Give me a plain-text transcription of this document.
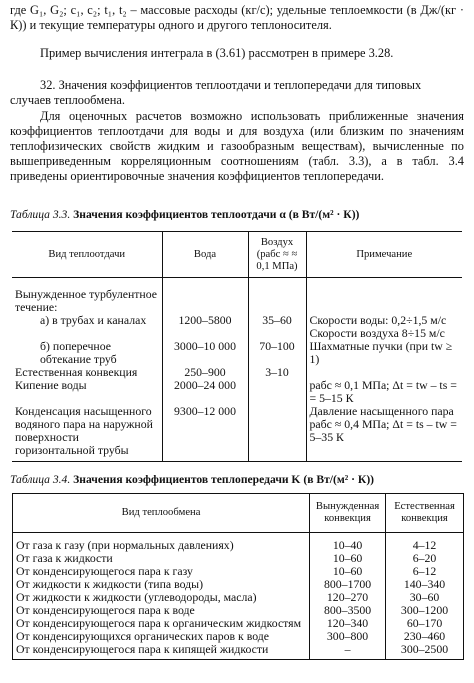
где G₁, G₂; c₁, c₂; t₁, t₂ – массовые расходы (кг/с); удельные теплоемкости (в Дж/(кг · К)) и текущие температуры одного и другого теплоносителя.

Пример вычисления интеграла в (3.61) рассмотрен в примере 3.28.

32. Значения коэффициентов теплоотдачи и теплопередачи для типовых случаев теплообмена.

Для оценочных расчетов возможно использовать приближенные значения коэффициентов теплоотдачи для воды и для воздуха (или близким по значениям теплофизических свойств жидким и газообразным веществам), вычисленные по вышеприведенным корреляционным соотношениям (табл. 3.3), а в табл. 3.4 приведены ориентировочные значения коэффициентов теплопередачи.

Таблица 3.3. Значения коэффициентов теплоотдачи α (в Вт/(м² · К))
Вид теплоотдачи	Вода	Воздух (pабс ≈ ≈ 0,1 МПа)	Примечание
Вынужденное турбулентное течение:			
а) в трубах и каналах	1200–5800	35–60	Скорости воды: 0,2÷1,5 м/с Скорости воздуха 8÷15 м/с
б) поперечное обтекание труб	3000–10 000	70–100	Шахматные пучки (при tw ≥ 1)
Естественная конвекция	250–900	3–10	
Кипение воды	2000–24 000		pабс ≈ 0,1 МПа; Δt = tw – ts = = 5–15 К
Конденсация насыщенного водяного пара на наружной поверхности горизонтальной трубы	9300–12 000		Давление насыщенного пара pабс ≈ 0,4 МПа; Δt = ts – tw = 5–35 К
Таблица 3.4. Значения коэффициентов теплопередачи K (в Вт/(м² · К))
Вид теплообмена	Вынужденная конвекция	Естественная конвекция
От газа к газу (при нормальных давлениях)	10–40	4–12
От газа к жидкости	10–60	6–20
От конденсирующегося пара к газу	10–60	6–12
От жидкости к жидкости (типа воды)	800–1700	140–340
От жидкости к жидкости (углеводороды, масла)	120–270	30–60
От конденсирующегося пара к воде	800–3500	300–1200
От конденсирующегося пара к органическим жидкостям	120–340	60–170
От конденсирующихся органических паров к воде	300–800	230–460
От конденсирующегося пара к кипящей жидкости	–	300–2500
